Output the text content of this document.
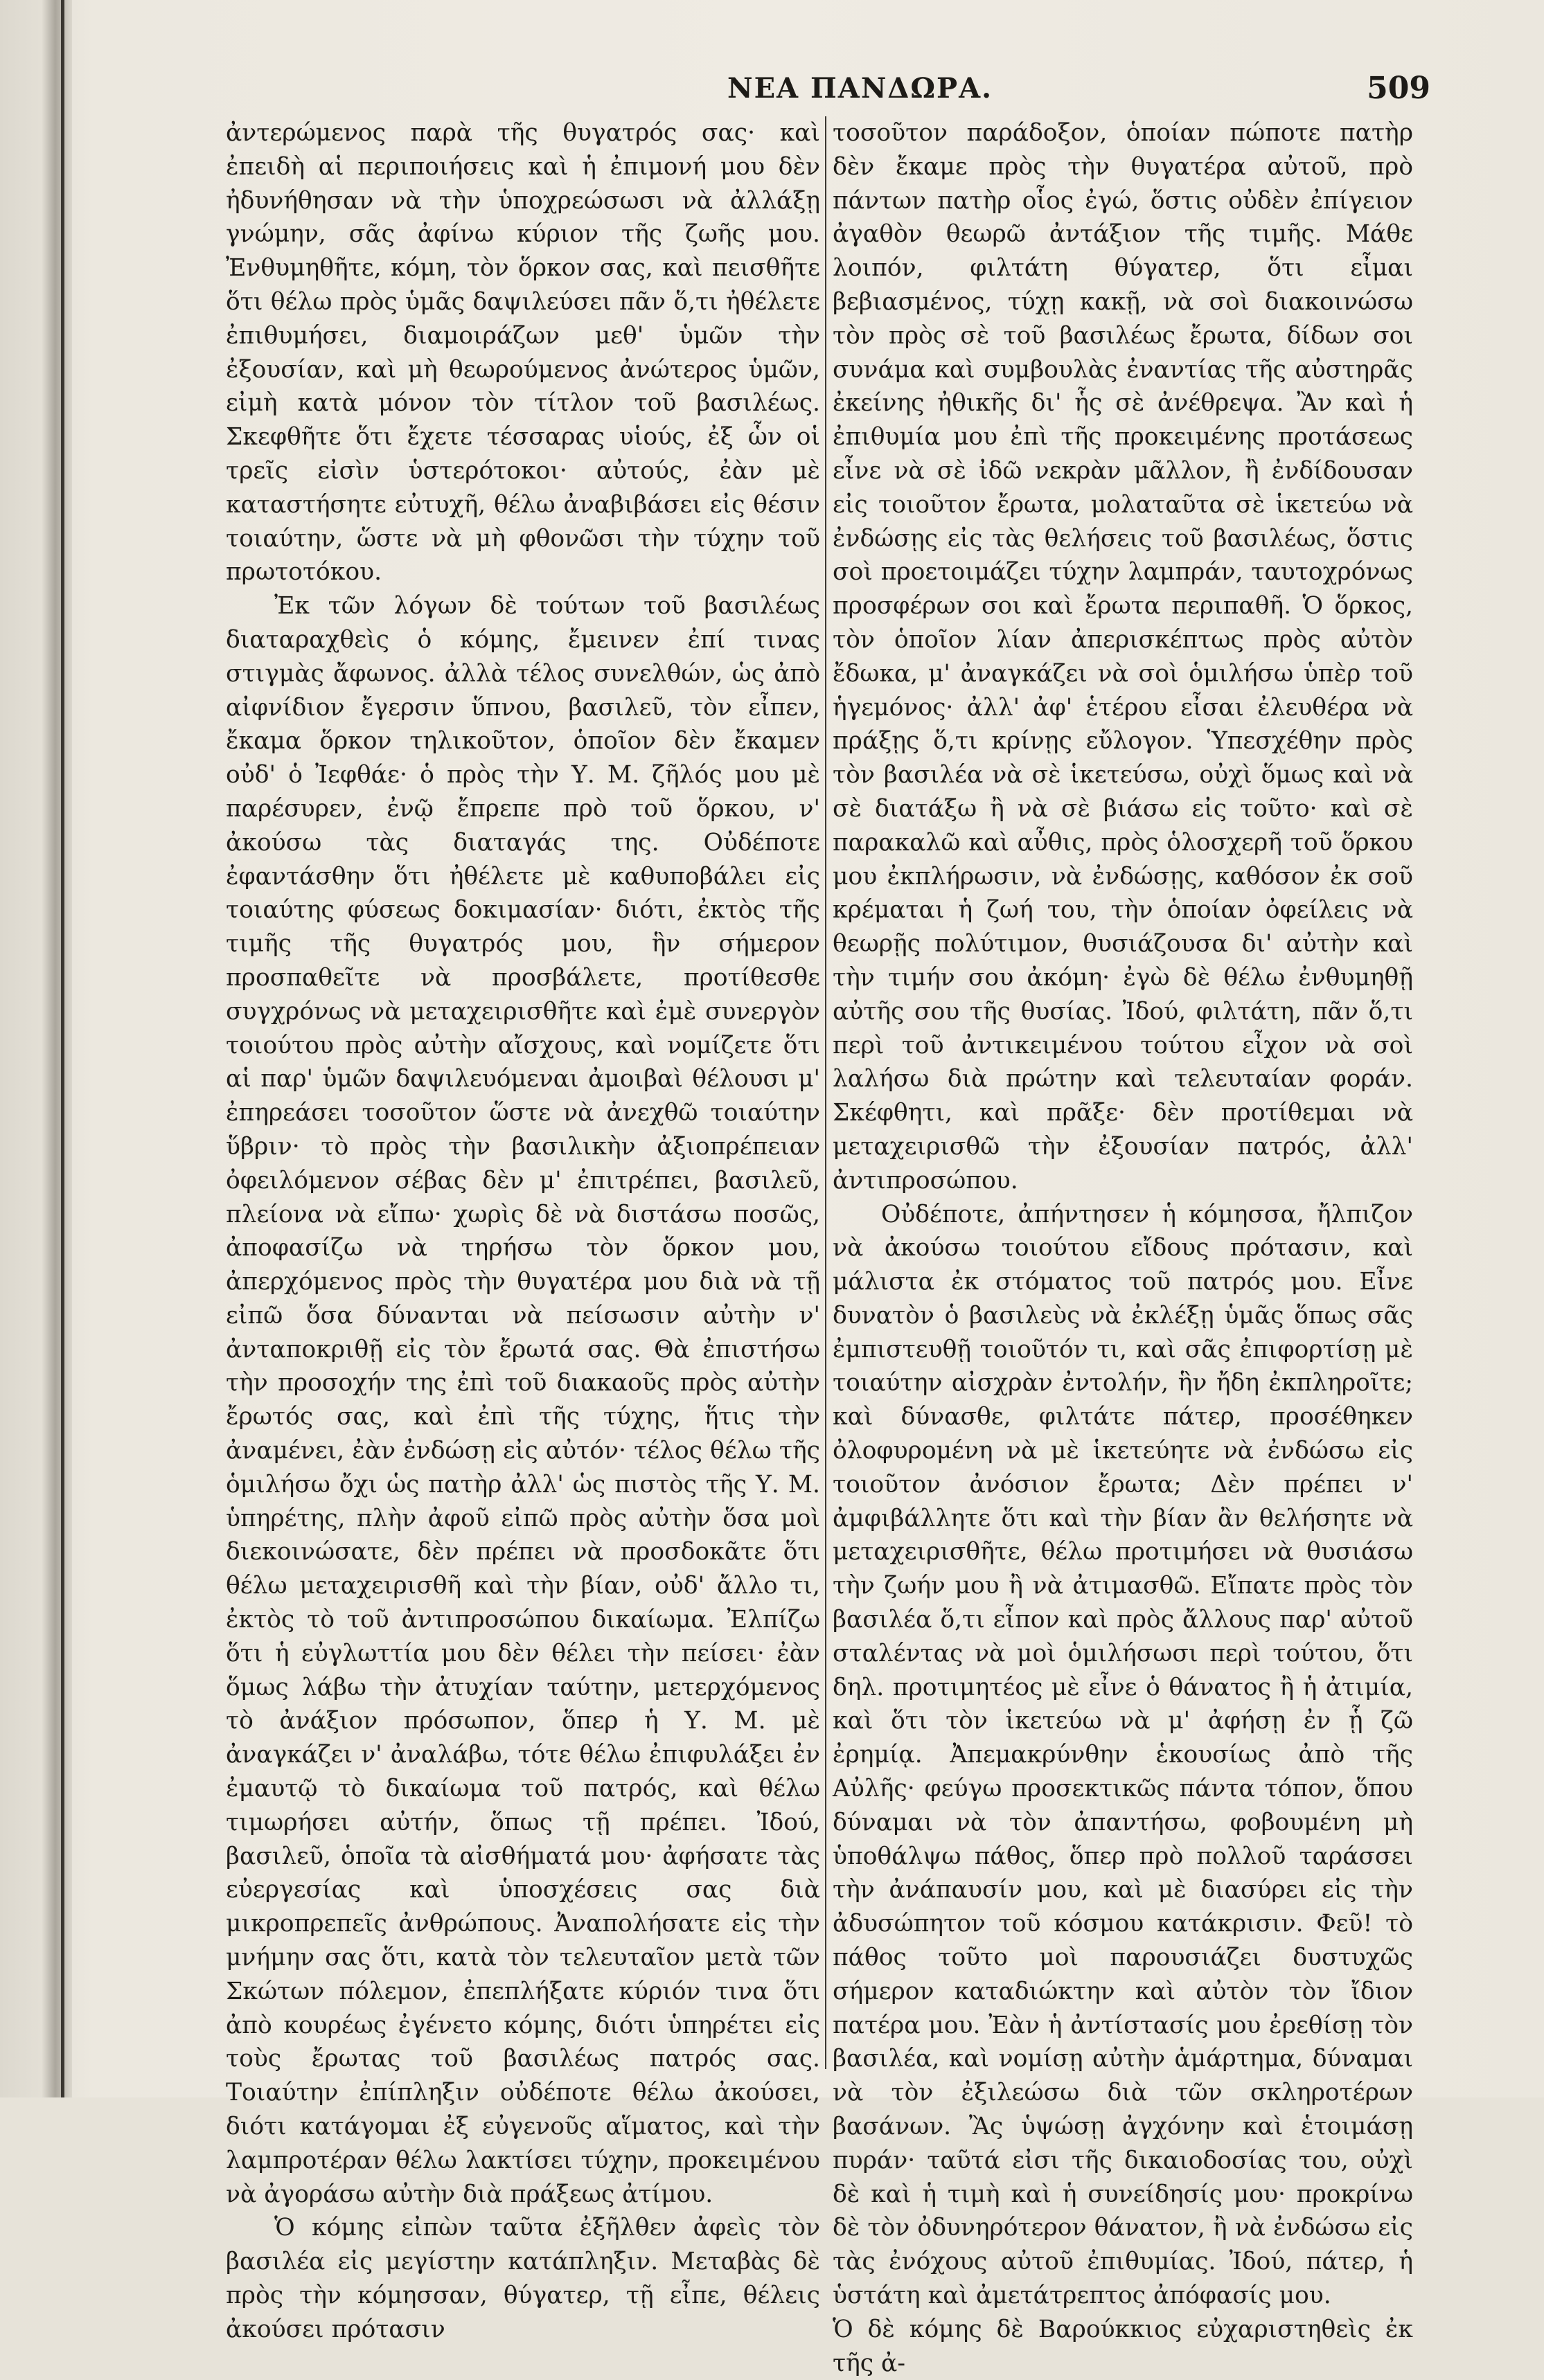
ΝΕΑ ΠΑΝΔΩΡΑ.	509

ἀντερώμενος παρὰ τῆς θυγατρός σας· καὶ ἐπειδὴ αἱ περιποιήσεις καὶ ἡ ἐπιμονή μου δὲν ἠδυνήθησαν νὰ τὴν ὑποχρεώσωσι νὰ ἀλλάξῃ γνώμην, σᾶς ἀφίνω κύριον τῆς ζωῆς μου. Ἐνθυμηθῆτε, κόμη, τὸν ὅρκον σας, καὶ πεισθῆτε ὅτι θέλω πρὸς ὑμᾶς δαψιλεύσει πᾶν ὅ,τι ἠθέλετε ἐπιθυμήσει, διαμοιράζων μεθ' ὑμῶν τὴν ἐξουσίαν, καὶ μὴ θεωρούμενος ἀνώτερος ὑμῶν, εἰμὴ κατὰ μόνον τὸν τίτλον τοῦ βασιλέως. Σκεφθῆτε ὅτι ἔχετε τέσσαρας υἱούς, ἐξ ὧν οἱ τρεῖς εἰσὶν ὑστερότοκοι· αὐτούς, ἐὰν μὲ καταστήσητε εὐτυχῆ, θέλω ἀναβιβάσει εἰς θέσιν τοιαύτην, ὥστε νὰ μὴ φθονῶσι τὴν τύχην τοῦ πρωτοτόκου.

Ἐκ τῶν λόγων δὲ τούτων τοῦ βασιλέως διαταραχθεὶς ὁ κόμης, ἔμεινεν ἐπί τινας στιγμὰς ἄφωνος. ἀλλὰ τέλος συνελθών, ὡς ἀπὸ αἰφνίδιον ἔγερσιν ὕπνου, βασιλεῦ, τὸν εἶπεν, ἔκαμα ὅρκον τηλικοῦτον, ὁποῖον δὲν ἔκαμεν οὐδ' ὁ Ἰεφθάε· ὁ πρὸς τὴν Υ. Μ. ζῆλός μου μὲ παρέσυρεν, ἐνῷ ἔπρεπε πρὸ τοῦ ὅρκου, ν' ἀκούσω τὰς διαταγάς της. Οὐδέποτε ἐφαντάσθην ὅτι ἠθέλετε μὲ καθυποβάλει εἰς τοιαύτης φύσεως δοκιμασίαν· διότι, ἐκτὸς τῆς τιμῆς τῆς θυγατρός μου, ἣν σήμερον προσπαθεῖτε νὰ προσβάλετε, προτίθεσθε συγχρόνως νὰ μεταχειρισθῆτε καὶ ἐμὲ συνεργὸν τοιούτου πρὸς αὐτὴν αἴσχους, καὶ νομίζετε ὅτι αἱ παρ' ὑμῶν δαψιλευόμεναι ἀμοιβαὶ θέλουσι μ' ἐπηρεάσει τοσοῦτον ὥστε νὰ ἀνεχθῶ τοιαύτην ὕβριν· τὸ πρὸς τὴν βασιλικὴν ἀξιοπρέπειαν ὀφειλόμενον σέβας δὲν μ' ἐπιτρέπει, βασιλεῦ, πλείονα νὰ εἴπω· χωρὶς δὲ νὰ διστάσω ποσῶς, ἀποφασίζω νὰ τηρήσω τὸν ὅρκον μου, ἀπερχόμενος πρὸς τὴν θυγατέρα μου διὰ νὰ τῇ εἰπῶ ὅσα δύνανται νὰ πείσωσιν αὐτὴν ν' ἀνταποκριθῇ εἰς τὸν ἔρωτά σας. Θὰ ἐπιστήσω τὴν προσοχήν της ἐπὶ τοῦ διακαοῦς πρὸς αὐτὴν ἔρωτός σας, καὶ ἐπὶ τῆς τύχης, ἥτις τὴν ἀναμένει, ἐὰν ἐνδώσῃ εἰς αὐτόν· τέλος θέλω τῆς ὁμιλήσω ὄχι ὡς πατὴρ ἀλλ' ὡς πιστὸς τῆς Υ. Μ. ὑπηρέτης, πλὴν ἀφοῦ εἰπῶ πρὸς αὐτὴν ὅσα μοὶ διεκοινώσατε, δὲν πρέπει νὰ προσδοκᾶτε ὅτι θέλω μεταχειρισθῆ καὶ τὴν βίαν, οὐδ' ἄλλο τι, ἐκτὸς τὸ τοῦ ἀντιπροσώπου δικαίωμα. Ἐλπίζω ὅτι ἡ εὐγλωττία μου δὲν θέλει τὴν πείσει· ἐὰν ὅμως λάβω τὴν ἀτυχίαν ταύτην, μετερχόμενος τὸ ἀνάξιον πρόσωπον, ὅπερ ἡ Υ. Μ. μὲ ἀναγκάζει ν' ἀναλάβω, τότε θέλω ἐπιφυλάξει ἐν ἐμαυτῷ τὸ δικαίωμα τοῦ πατρός, καὶ θέλω τιμωρήσει αὐτήν, ὅπως τῇ πρέπει. Ἰδού, βασιλεῦ, ὁποῖα τὰ αἰσθήματά μου· ἀφήσατε τὰς εὐεργεσίας καὶ ὑποσχέσεις σας διὰ μικροπρεπεῖς ἀνθρώπους. Ἀναπολήσατε εἰς τὴν μνήμην σας ὅτι, κατὰ τὸν τελευταῖον μετὰ τῶν Σκώτων πόλεμον, ἐπεπλήξατε κύριόν τινα ὅτι ἀπὸ κουρέως ἐγένετο κόμης, διότι ὑπηρέτει εἰς τοὺς ἔρωτας τοῦ βασιλέως πατρός σας. Τοιαύτην ἐπίπληξιν οὐδέποτε θέλω ἀκούσει, διότι κατάγομαι ἐξ εὐγενοῦς αἵματος, καὶ τὴν λαμπροτέραν θέλω λακτίσει τύχην, προκειμένου νὰ ἀγοράσω αὐτὴν διὰ πράξεως ἀτίμου.

Ὁ κόμης εἰπὼν ταῦτα ἐξῆλθεν ἀφεὶς τὸν βασιλέα εἰς μεγίστην κατάπληξιν. Μεταβὰς δὲ πρὸς τὴν κόμησσαν, θύγατερ, τῇ εἶπε, θέλεις ἀκούσει πρότασιν

τοσοῦτον παράδοξον, ὁποίαν πώποτε πατὴρ δὲν ἔκαμε πρὸς τὴν θυγατέρα αὐτοῦ, πρὸ πάντων πατὴρ οἷος ἐγώ, ὅστις οὐδὲν ἐπίγειον ἀγαθὸν θεωρῶ ἀντάξιον τῆς τιμῆς. Μάθε λοιπόν, φιλτάτη θύγατερ, ὅτι εἶμαι βεβιασμένος, τύχῃ κακῇ, νὰ σοὶ διακοινώσω τὸν πρὸς σὲ τοῦ βασιλέως ἔρωτα, δίδων σοι συνάμα καὶ συμβουλὰς ἐναντίας τῆς αὐστηρᾶς ἐκείνης ἠθικῆς δι' ἧς σὲ ἀνέθρεψα. Ἂν καὶ ἡ ἐπιθυμία μου ἐπὶ τῆς προκειμένης προτάσεως εἶνε νὰ σὲ ἰδῶ νεκρὰν μᾶλλον, ἢ ἐνδίδουσαν εἰς τοιοῦτον ἔρωτα, μολαταῦτα σὲ ἱκετεύω νὰ ἐνδώσῃς εἰς τὰς θελήσεις τοῦ βασιλέως, ὅστις σοὶ προετοιμάζει τύχην λαμπράν, ταυτοχρόνως προσφέρων σοι καὶ ἔρωτα περιπαθῆ. Ὁ ὅρκος, τὸν ὁποῖον λίαν ἀπερισκέπτως πρὸς αὐτὸν ἔδωκα, μ' ἀναγκάζει νὰ σοὶ ὁμιλήσω ὑπὲρ τοῦ ἡγεμόνος· ἀλλ' ἀφ' ἑτέρου εἶσαι ἐλευθέρα νὰ πράξῃς ὅ,τι κρίνῃς εὔλογον. Ὑπεσχέθην πρὸς τὸν βασιλέα νὰ σὲ ἱκετεύσω, οὐχὶ ὅμως καὶ νὰ σὲ διατάξω ἢ νὰ σὲ βιάσω εἰς τοῦτο· καὶ σὲ παρακαλῶ καὶ αὖθις, πρὸς ὁλοσχερῆ τοῦ ὅρκου μου ἐκπλήρωσιν, νὰ ἐνδώσῃς, καθόσον ἐκ σοῦ κρέμαται ἡ ζωή του, τὴν ὁποίαν ὀφείλεις νὰ θεωρῇς πολύτιμον, θυσιάζουσα δι' αὐτὴν καὶ τὴν τιμήν σου ἀκόμη· ἐγὼ δὲ θέλω ἐνθυμηθῇ αὐτῆς σου τῆς θυσίας. Ἰδού, φιλτάτη, πᾶν ὅ,τι περὶ τοῦ ἀντικειμένου τούτου εἶχον νὰ σοὶ λαλήσω διὰ πρώτην καὶ τελευταίαν φοράν. Σκέφθητι, καὶ πρᾶξε· δὲν προτίθεμαι νὰ μεταχειρισθῶ τὴν ἐξουσίαν πατρός, ἀλλ' ἀντιπροσώπου.

Οὐδέποτε, ἀπήντησεν ἡ κόμησσα, ἤλπιζον νὰ ἀκούσω τοιούτου εἴδους πρότασιν, καὶ μάλιστα ἐκ στόματος τοῦ πατρός μου. Εἶνε δυνατὸν ὁ βασιλεὺς νὰ ἐκλέξῃ ὑμᾶς ὅπως σᾶς ἐμπιστευθῇ τοιοῦτόν τι, καὶ σᾶς ἐπιφορτίσῃ μὲ τοιαύτην αἰσχρὰν ἐντολήν, ἣν ἤδη ἐκπληροῖτε; καὶ δύνασθε, φιλτάτε πάτερ, προσέθηκεν ὀλοφυρομένη νὰ μὲ ἱκετεύητε νὰ ἐνδώσω εἰς τοιοῦτον ἀνόσιον ἔρωτα; Δὲν πρέπει ν' ἀμφιβάλλητε ὅτι καὶ τὴν βίαν ἂν θελήσητε νὰ μεταχειρισθῆτε, θέλω προτιμήσει νὰ θυσιάσω τὴν ζωήν μου ἢ νὰ ἀτιμασθῶ. Εἴπατε πρὸς τὸν βασιλέα ὅ,τι εἶπον καὶ πρὸς ἄλλους παρ' αὐτοῦ σταλέντας νὰ μοὶ ὁμιλήσωσι περὶ τούτου, ὅτι δηλ. προτιμητέος μὲ εἶνε ὁ θάνατος ἢ ἡ ἀτιμία, καὶ ὅτι τὸν ἱκετεύω νὰ μ' ἀφήσῃ ἐν ᾗ ζῶ ἐρημίᾳ. Ἀπεμακρύνθην ἑκουσίως ἀπὸ τῆς Αὐλῆς· φεύγω προσεκτικῶς πάντα τόπον, ὅπου δύναμαι νὰ τὸν ἀπαντήσω, φοβουμένη μὴ ὑποθάλψω πάθος, ὅπερ πρὸ πολλοῦ ταράσσει τὴν ἀνάπαυσίν μου, καὶ μὲ διασύρει εἰς τὴν ἀδυσώπητον τοῦ κόσμου κατάκρισιν. Φεῦ! τὸ πάθος τοῦτο μοὶ παρουσιάζει δυστυχῶς σήμερον καταδιώκτην καὶ αὐτὸν τὸν ἴδιον πατέρα μου. Ἐὰν ἡ ἀντίστασίς μου ἐρεθίσῃ τὸν βασιλέα, καὶ νομίσῃ αὐτὴν ἁμάρτημα, δύναμαι νὰ τὸν ἐξιλεώσω διὰ τῶν σκληροτέρων βασάνων. Ἂς ὑψώσῃ ἀγχόνην καὶ ἑτοιμάσῃ πυράν· ταῦτά εἰσι τῆς δικαιοδοσίας του, οὐχὶ δὲ καὶ ἡ τιμὴ καὶ ἡ συνείδησίς μου· προκρίνω δὲ τὸν ὀδυνηρότερον θάνατον, ἢ νὰ ἐνδώσω εἰς τὰς ἐνόχους αὐτοῦ ἐπιθυμίας. Ἰδού, πάτερ, ἡ ὑστάτη καὶ ἀμετάτρεπτος ἀπόφασίς μου.

Ὁ δὲ κόμης δὲ Βαρούκκιος εὐχαριστηθεὶς ἐκ τῆς ἀ-
